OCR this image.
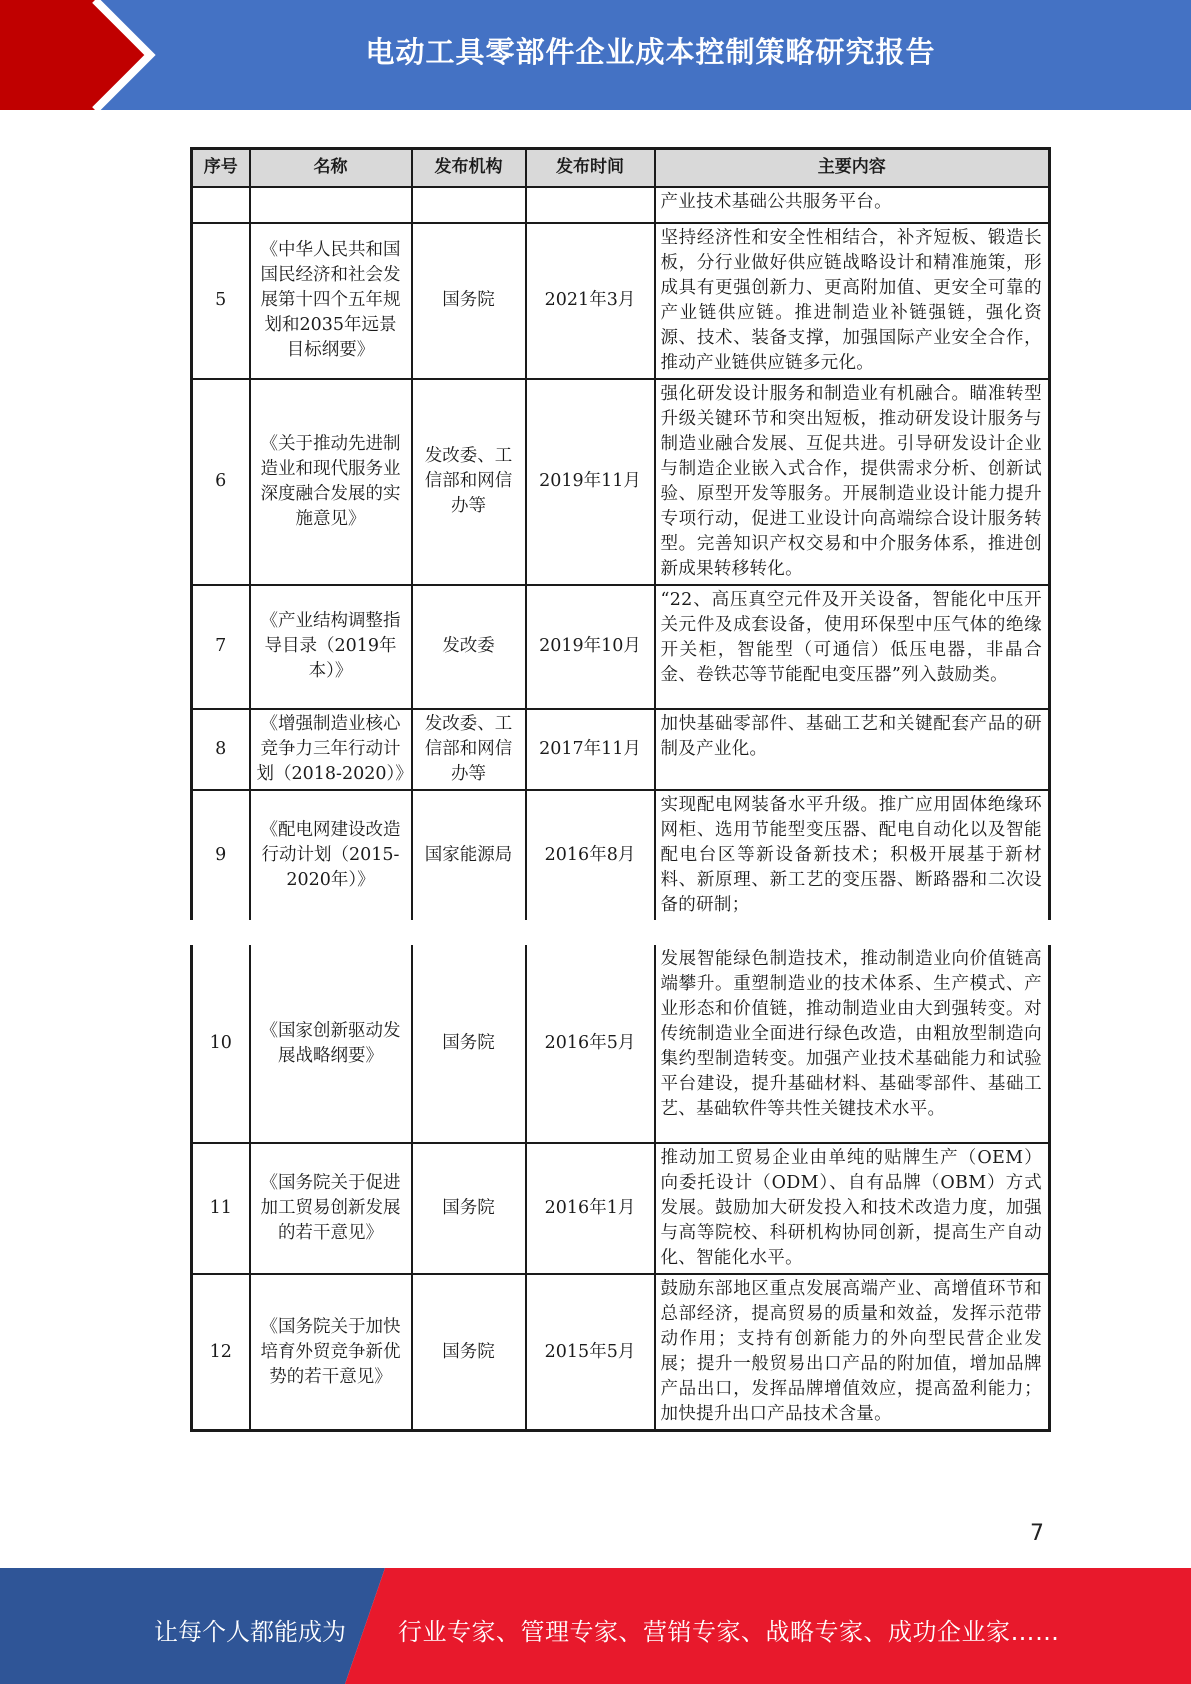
电动工具零部件企业成本控制策略研究报告
序号	名称	发布机构	发布时间	主要内容
				产业技术基础公共服务平台。
5	《中华人民共和国国民经济和社会发展第十四个五年规划和2035年远景目标纲要》	国务院	2021年3月	坚持经济性和安全性相结合，补齐短板、锻造长板，分行业做好供应链战略设计和精准施策，形成具有更强创新力、更高附加值、更安全可靠的产业链供应链。推进制造业补链强链，强化资源、技术、装备支撑，加强国际产业安全合作，推动产业链供应链多元化。
6	《关于推动先进制造业和现代服务业深度融合发展的实施意见》	发改委、工信部和网信办等	2019年11月	强化研发设计服务和制造业有机融合。瞄准转型升级关键环节和突出短板，推动研发设计服务与制造业融合发展、互促共进。引导研发设计企业与制造企业嵌入式合作，提供需求分析、创新试验、原型开发等服务。开展制造业设计能力提升专项行动，促进工业设计向高端综合设计服务转型。完善知识产权交易和中介服务体系，推进创新成果转移转化。
7	《产业结构调整指导目录（2019年本）》	发改委	2019年10月	“22、高压真空元件及开关设备，智能化中压开关元件及成套设备，使用环保型中压气体的绝缘开关柜，智能型（可通信）低压电器，非晶合金、卷铁芯等节能配电变压器”列入鼓励类。
8	《增强制造业核心竞争力三年行动计划（2018-2020）》	发改委、工信部和网信办等	2017年11月	加快基础零部件、基础工艺和关键配套产品的研制及产业化。
9	《配电网建设改造行动计划（2015-2020年）》	国家能源局	2016年8月	实现配电网装备水平升级。推广应用固体绝缘环网柜、选用节能型变压器、配电自动化以及智能配电台区等新设备新技术；积极开展基于新材料、新原理、新工艺的变压器、断路器和二次设备的研制；
10	《国家创新驱动发展战略纲要》	国务院	2016年5月	发展智能绿色制造技术，推动制造业向价值链高端攀升。重塑制造业的技术体系、生产模式、产业形态和价值链，推动制造业由大到强转变。对传统制造业全面进行绿色改造，由粗放型制造向集约型制造转变。加强产业技术基础能力和试验平台建设，提升基础材料、基础零部件、基础工艺、基础软件等共性关键技术水平。
11	《国务院关于促进加工贸易创新发展的若干意见》	国务院	2016年1月	推动加工贸易企业由单纯的贴牌生产（OEM）向委托设计（ODM）、自有品牌（OBM）方式发展。鼓励加大研发投入和技术改造力度，加强与高等院校、科研机构协同创新，提高生产自动化、智能化水平。
12	《国务院关于加快培育外贸竞争新优势的若干意见》	国务院	2015年5月	鼓励东部地区重点发展高端产业、高增值环节和总部经济，提高贸易的质量和效益，发挥示范带动作用；支持有创新能力的外向型民营企业发展；提升一般贸易出口产品的附加值，增加品牌产品出口，发挥品牌增值效应，提高盈利能力；加快提升出口产品技术含量。
7
让每个人都能成为 行业专家、管理专家、营销专家、战略专家、成功企业家……
